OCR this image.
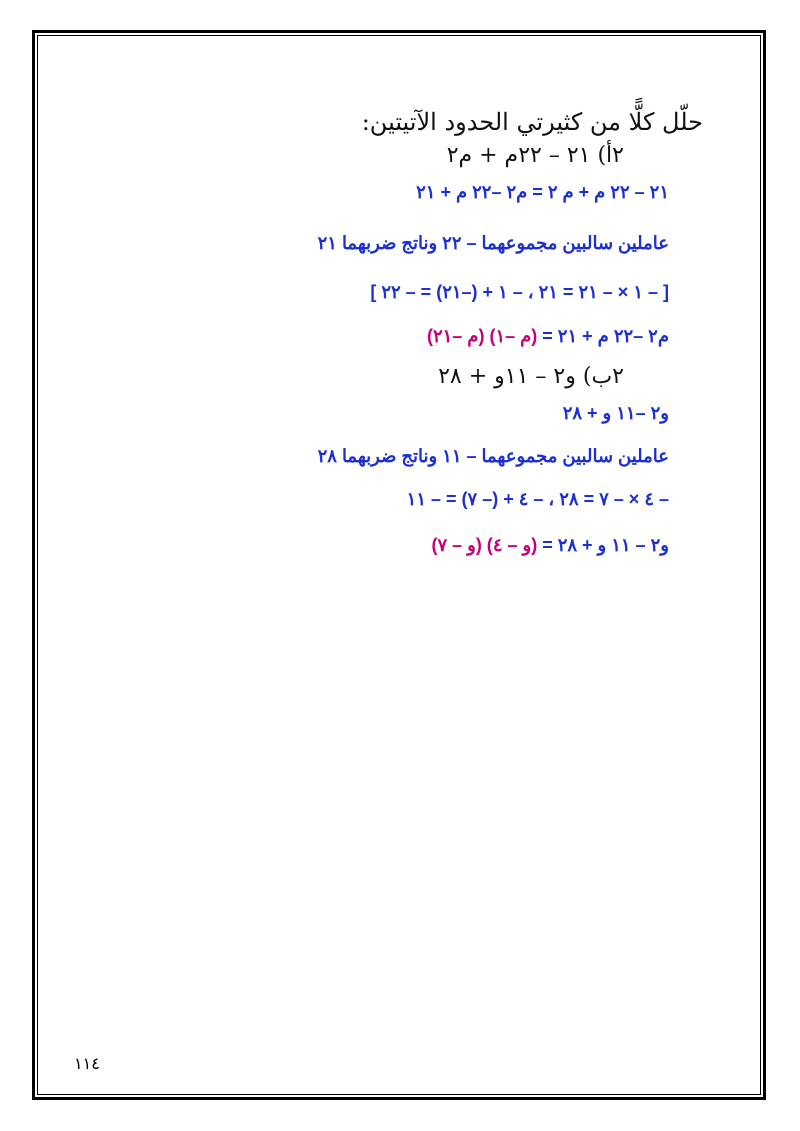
حلّل كلًّا من كثيرتي الحدود الآتيتين:
٢أ) ٢١ – ٢٢م + م٢
٢١ – ٢٢ م + م ٢ = م٢ –٢٢ م + ٢١
عاملين سالبين مجموعهما – ٢٢ وناتج ضربهما ٢١
[ – ١ × – ٢١ = ٢١ ، – ١ + (–٢١) = – ٢٢ ]
م٢ –٢٢ م + ٢١ = (م –١) (م –٢١)
٢ب) و٢ – ١١و + ٢٨
و٢ –١١ و + ٢٨
عاملين سالبين مجموعهما – ١١ وناتج ضربهما ٢٨
– ٤ × – ٧ = ٢٨ ، – ٤ + (– ٧) = – ١١
و٢ – ١١ و + ٢٨ = (و – ٤) (و – ٧)
١١٤
